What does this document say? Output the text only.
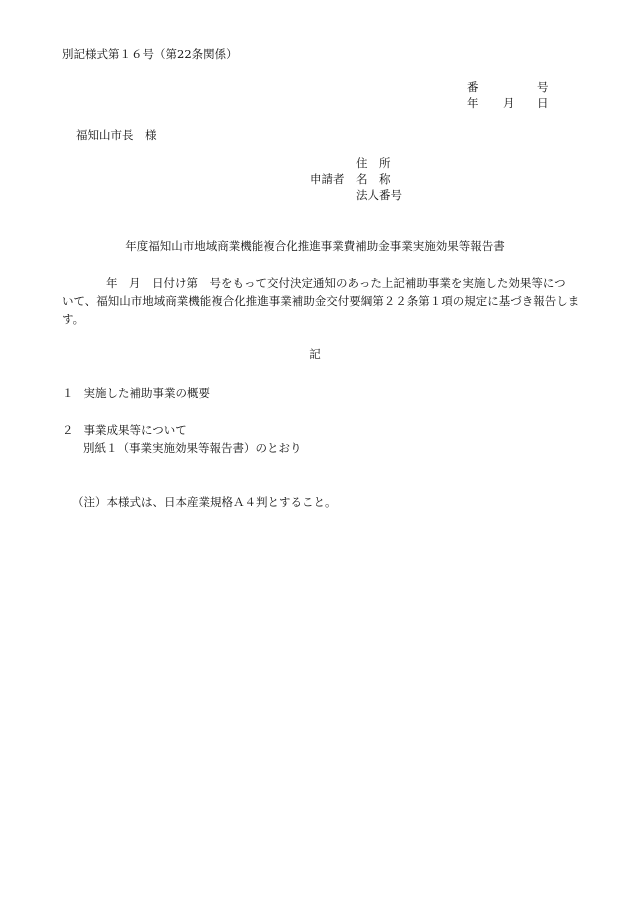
別記様式第１６号（第22条関係）
番	号
年 月 日
福知山市長　様
住　所
申請者 名　称
法人番号
年度福知山市地域商業機能複合化推進事業費補助金事業実施効果等報告書
年　月　日付け第　号をもって交付決定通知のあった上記補助事業を実施した効果等につ
いて、福知山市地域商業機能複合化推進事業補助金交付要綱第２２条第１項の規定に基づき報告しま
す。
記
１ 実施した補助事業の概要
２ 事業成果等について
別紙１（事業実施効果等報告書）のとおり
（注）本様式は、日本産業規格Ａ４判とすること。
